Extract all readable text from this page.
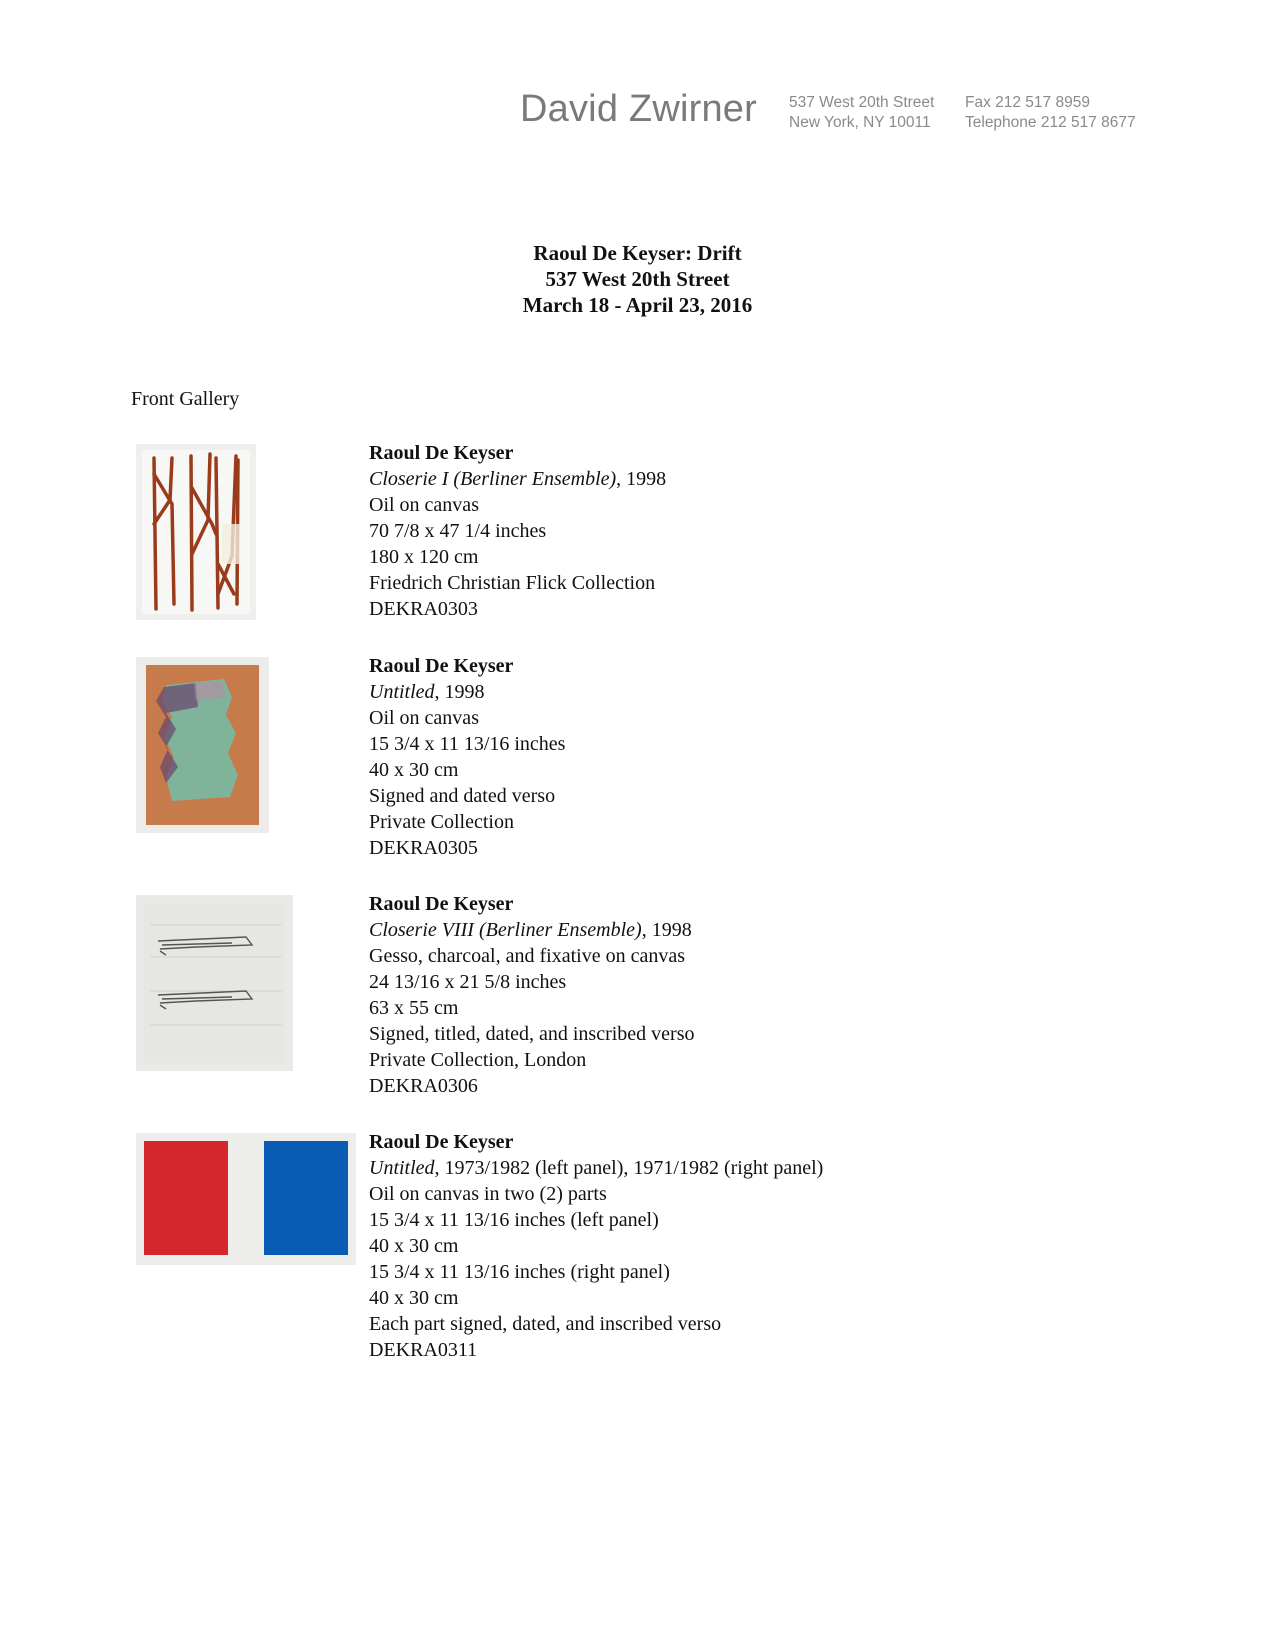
David Zwirner 537 West 20th Street
New York, NY 10011
Fax 212 517 8959
Telephone 212 517 8677
Raoul De Keyser: Drift
537 West 20th Street
March 18 - April 23, 2016
Front Gallery
Raoul De Keyser
Closerie I (Berliner Ensemble), 1998
Oil on canvas
70 7/8 x 47 1/4 inches
180 x 120 cm
Friedrich Christian Flick Collection
DEKRA0303
Raoul De Keyser
Untitled, 1998
Oil on canvas
15 3/4 x 11 13/16 inches
40 x 30 cm
Signed and dated verso
Private Collection
DEKRA0305
Raoul De Keyser
Closerie VIII (Berliner Ensemble), 1998
Gesso, charcoal, and fixative on canvas
24 13/16 x 21 5/8 inches
63 x 55 cm
Signed, titled, dated, and inscribed verso
Private Collection, London
DEKRA0306
Raoul De Keyser
Untitled, 1973/1982 (left panel), 1971/1982 (right panel)
Oil on canvas in two (2) parts
15 3/4 x 11 13/16 inches (left panel)
40 x 30 cm
15 3/4 x 11 13/16 inches (right panel)
40 x 30 cm
Each part signed, dated, and inscribed verso
DEKRA0311
